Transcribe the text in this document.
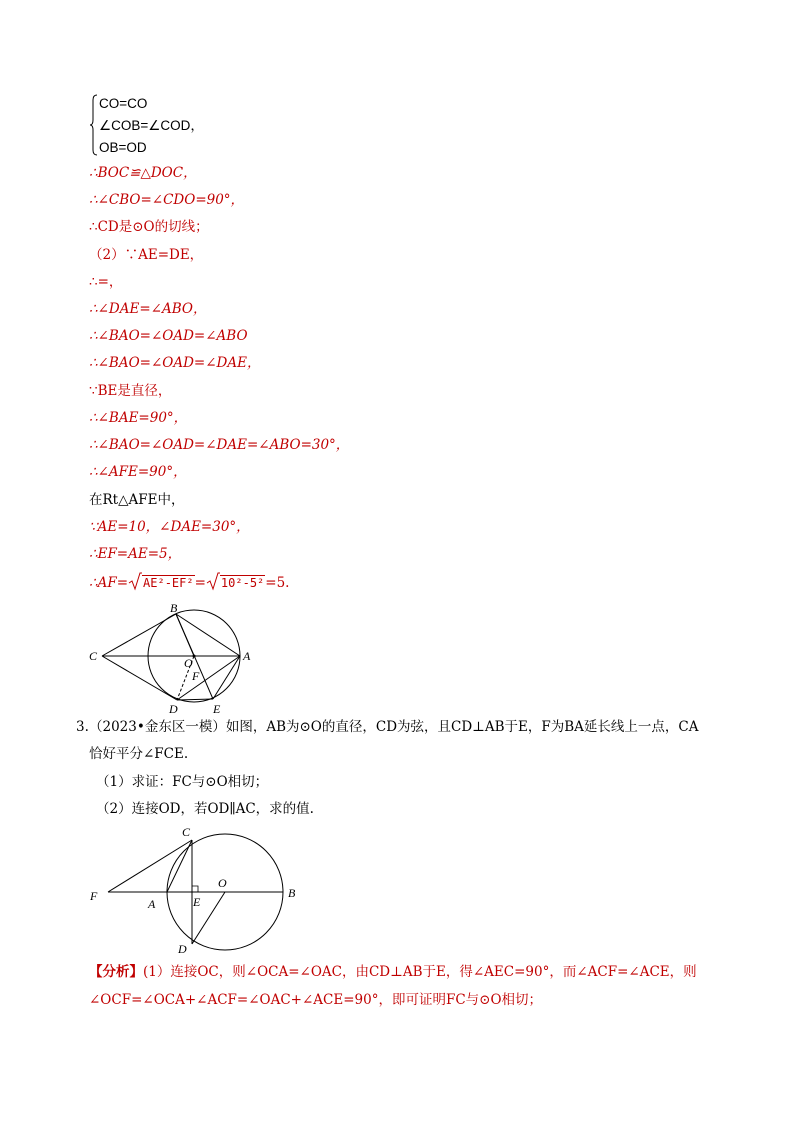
CO=CO
∠COB=∠COD，
OB=OD
∴BOC≌△DOC，
∴∠CBO=∠CDO=90°，
∴CD是⊙O的切线；
（2）∵AE=DE，
∴=，
∴∠DAE=∠ABO，
∴∠BAO=∠OAD=∠ABO
∴∠BAO=∠OAD=∠DAE，
∵BE是直径，
∴∠BAE=90°，
∴∠BAO=∠OAD=∠DAE=∠ABO=30°，
∴∠AFE=90°，
在Rt△AFE中，
∵AE=10，∠DAE=30°，
∴EF=AE=5，
∴AF= AE²-EF²= 10²-5²=5.
B
C	O	A
F
D	E
3. （2023•金东区一模）如图，AB为⊙O的直径，CD为弦，且CD⊥AB于E，F为BA延长线上一点，CA
恰好平分∠FCE.
（1）求证：FC与⊙O相切；
（2）连接OD，若OD∥AC，求的值.
C
O
F
A	E
B
D
【分析】(1）连接OC，则∠OCA=∠OAC，由CD⊥AB于E，得∠AEC=90°，而∠ACF=∠ACE，则
∠OCF=∠OCA+∠ACF=∠OAC+∠ACE=90°，即可证明FC与⊙O相切；
